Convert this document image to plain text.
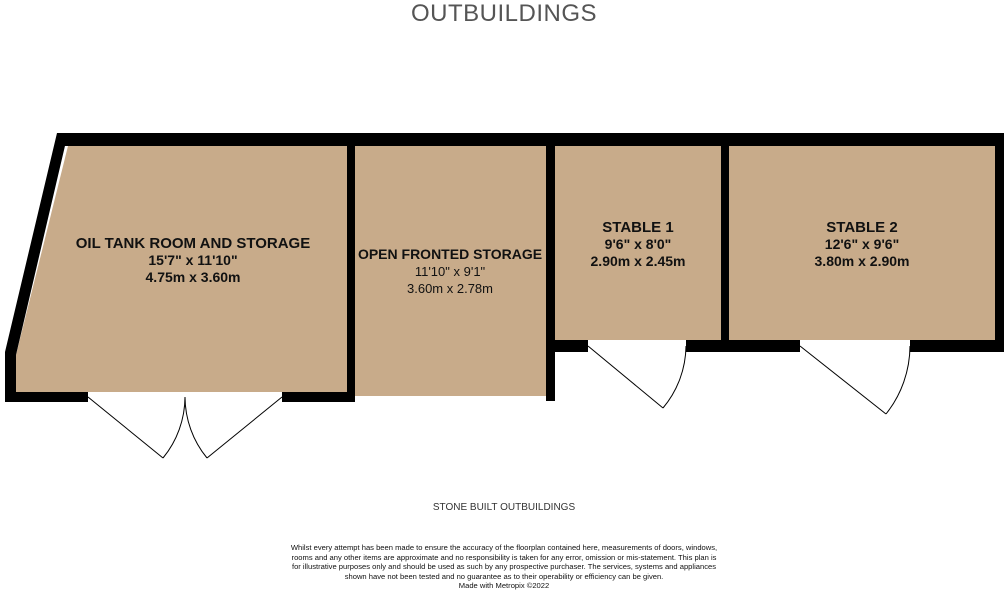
OUTBUILDINGS
OIL TANK ROOM AND STORAGE
15'7" x 11'10"
4.75m x 3.60m
OPEN FRONTED STORAGE
11'10" x 9'1"
3.60m x 2.78m
STABLE 1
9'6" x 8'0"
2.90m x 2.45m
STABLE 2
12'6" x 9'6"
3.80m x 2.90m
STONE BUILT OUTBUILDINGS
Whilst every attempt has been made to ensure the accuracy of the floorplan contained here, measurements of doors, windows, rooms and any other items are approximate and no responsibility is taken for any error, omission or mis-statement. This plan is for illustrative purposes only and should be used as such by any prospective purchaser. The services, systems and appliances shown have not been tested and no guarantee as to their operability or efficiency can be given.
Made with Metropix ©2022
